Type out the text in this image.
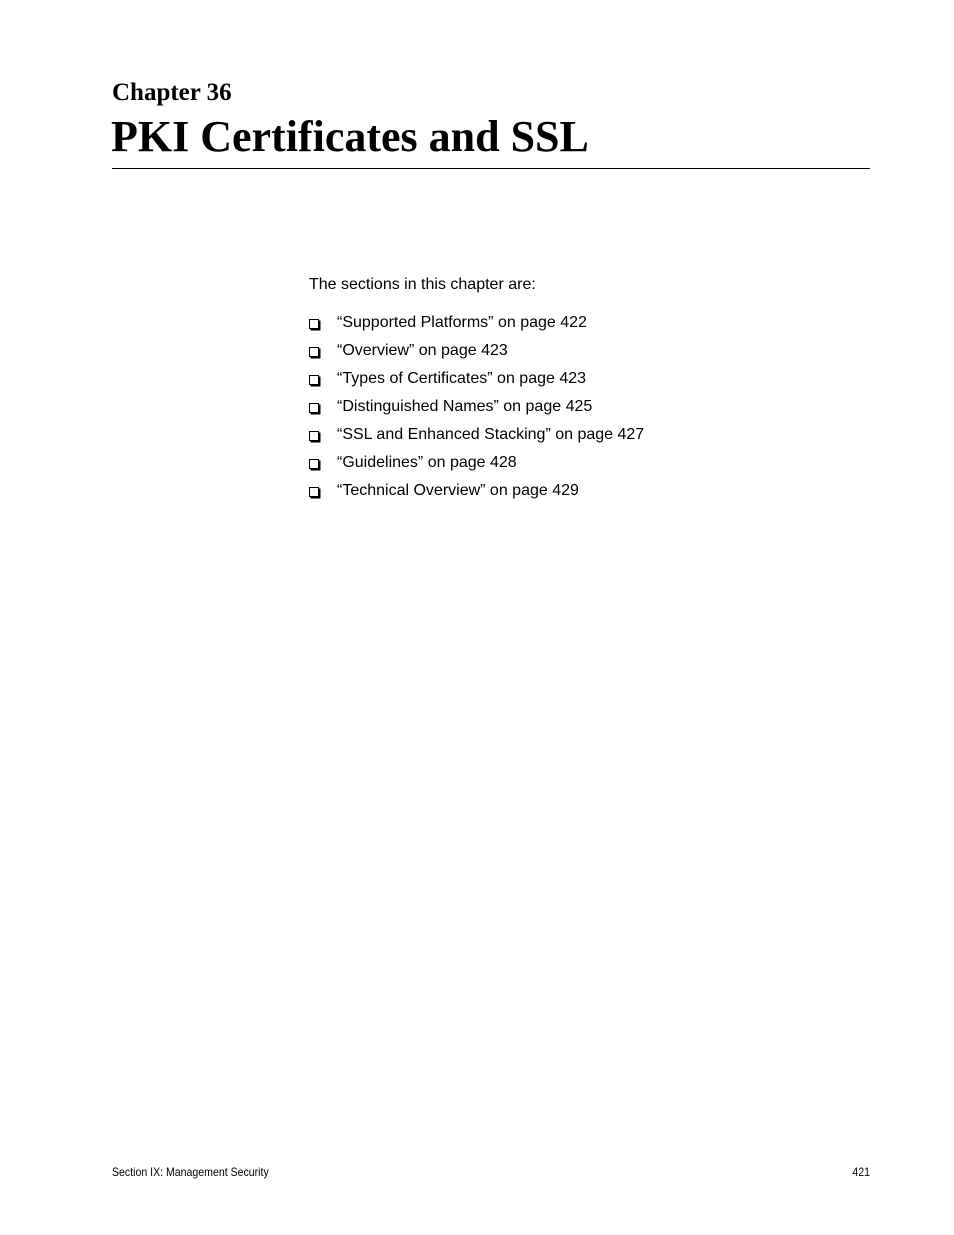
Chapter 36
PKI Certificates and SSL

The sections in this chapter are:

“Supported Platforms” on page 422
“Overview” on page 423
“Types of Certificates” on page 423
“Distinguished Names” on page 425
“SSL and Enhanced Stacking” on page 427
“Guidelines” on page 428
“Technical Overview” on page 429
Section IX: Management Security	421
